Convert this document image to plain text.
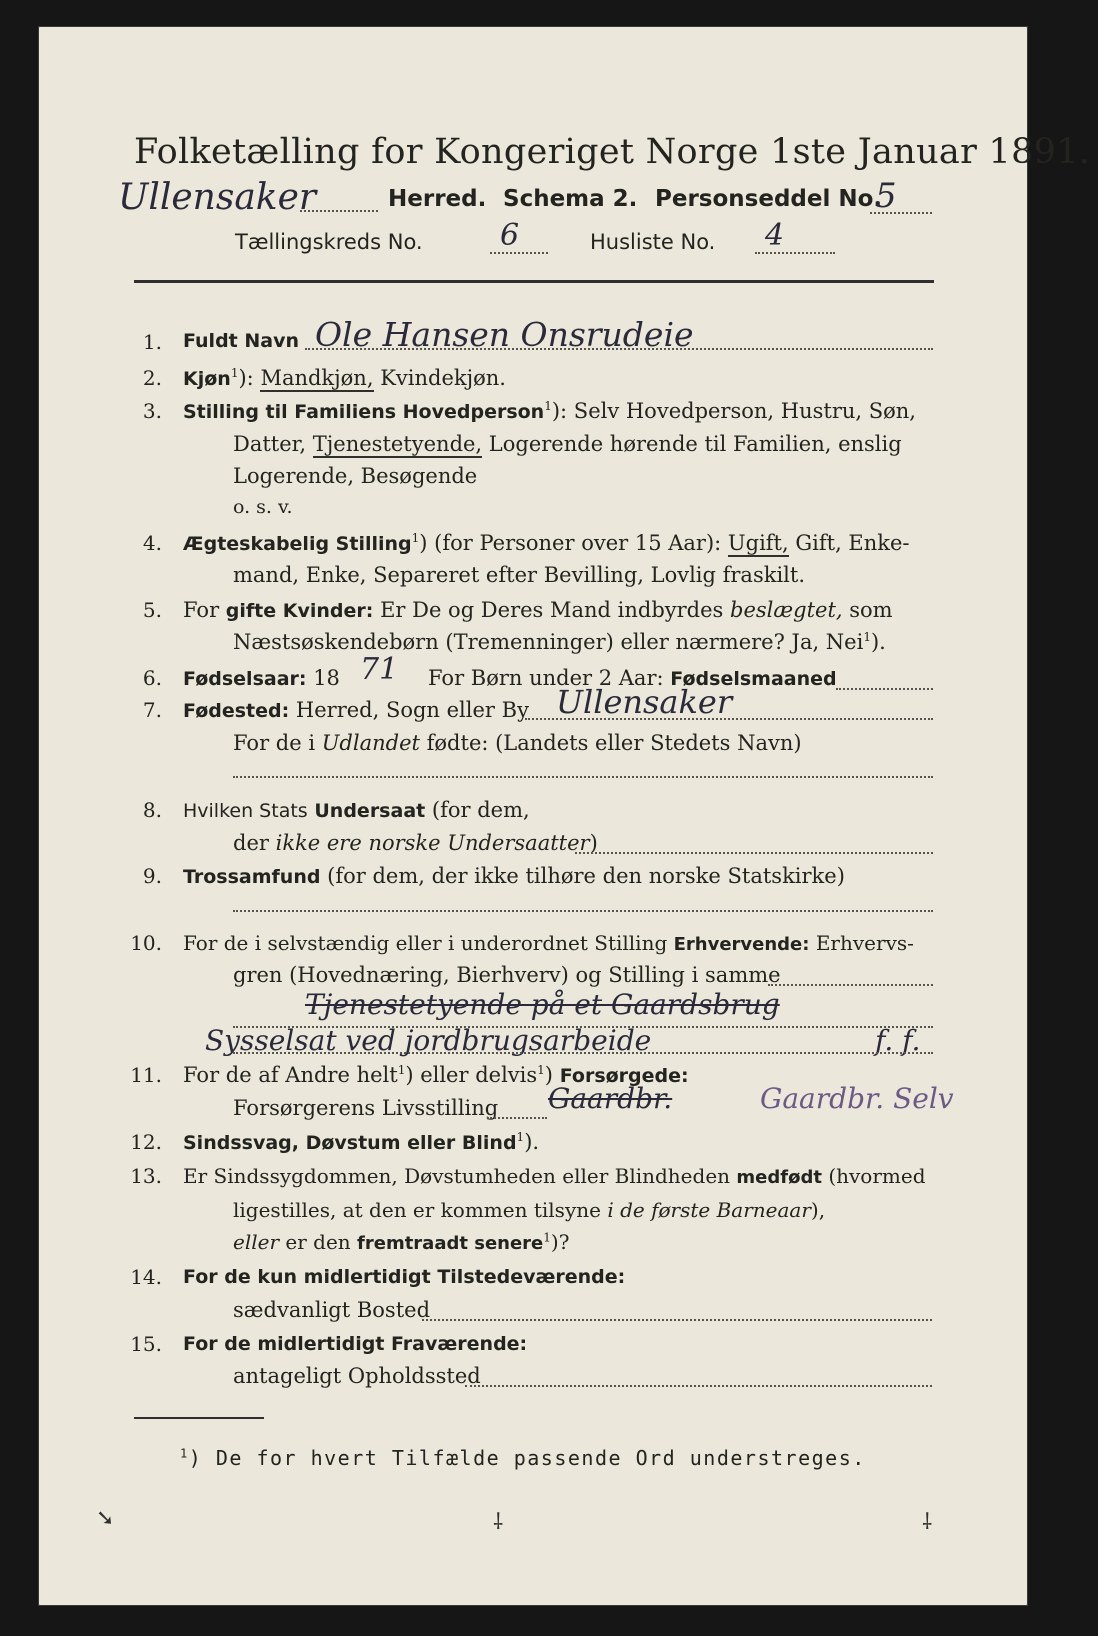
Folketælling for Kongeriget Norge 1ste Januar 1891.
Ullensaker	Herred. Schema 2. Personseddel No.
5
Tællingskreds No.	6	Husliste No. 4
1. Fuldt Navn Ole Hansen Onsrudeie
2. Kjøn$^1$): Mandkjøn, Kvindekjøn.
3. Stilling til Familiens Hovedperson$^1$): Selv Hovedperson, Hustru, Søn,
Datter, Tjenestetyende, Logerende hørende til Familien, enslig
Logerende, Besøgende
o. s. v.
4. Ægteskabelig Stilling$^1$) (for Personer over 15 Aar): Ugift, Gift, Enke-
mand, Enke, Separeret efter Bevilling, Lovlig fraskilt.
5. For gifte Kvinder: Er De og Deres Mand indbyrdes beslægtet, som
Næstsøskendebørn (Tremenninger) eller nærmere? Ja, Nei$^1$).
6. Fødselsaar: 18 71 For Børn under 2 Aar: Fødselsmaaned
7. Fødested: Herred, Sogn eller By Ullensaker
For de i Udlandet fødte: (Landets eller Stedets Navn)
8. Hvilken Stats Undersaat (for dem,
der ikke ere norske Undersaatter)
9. Trossamfund (for dem, der ikke tilhøre den norske Statskirke)
10. For de i selvstændig eller i underordnet Stilling Erhvervende: Erhvervs-
gren (Hovednæring, Bierhverv) og Stilling i samme
Tjenestetyende på et Gaardsbrug
Sysselsat ved jordbrugsarbeide	f. f.
11. For de af Andre helt$^1$) eller delvis$^1$) Forsørgede:
Forsørgerens Livsstilling Gaardbr.	Gaardbr. Selv
12. Sindssvag, Døvstum eller Blind$^1$).
13. Er Sindssygdommen, Døvstumheden eller Blindheden medfødt (hvormed
ligestilles, at den er kommen tilsyne i de første Barneaar),
eller er den fremtraadt senere$^1$)?
14. For de kun midlertidigt Tilstedeværende:
sædvanligt Bosted
15. For de midlertidigt Fraværende:
antageligt Opholdssted
$^1$) De for hvert Tilfælde passende Ord understreges.
➘	⸸	⸸
